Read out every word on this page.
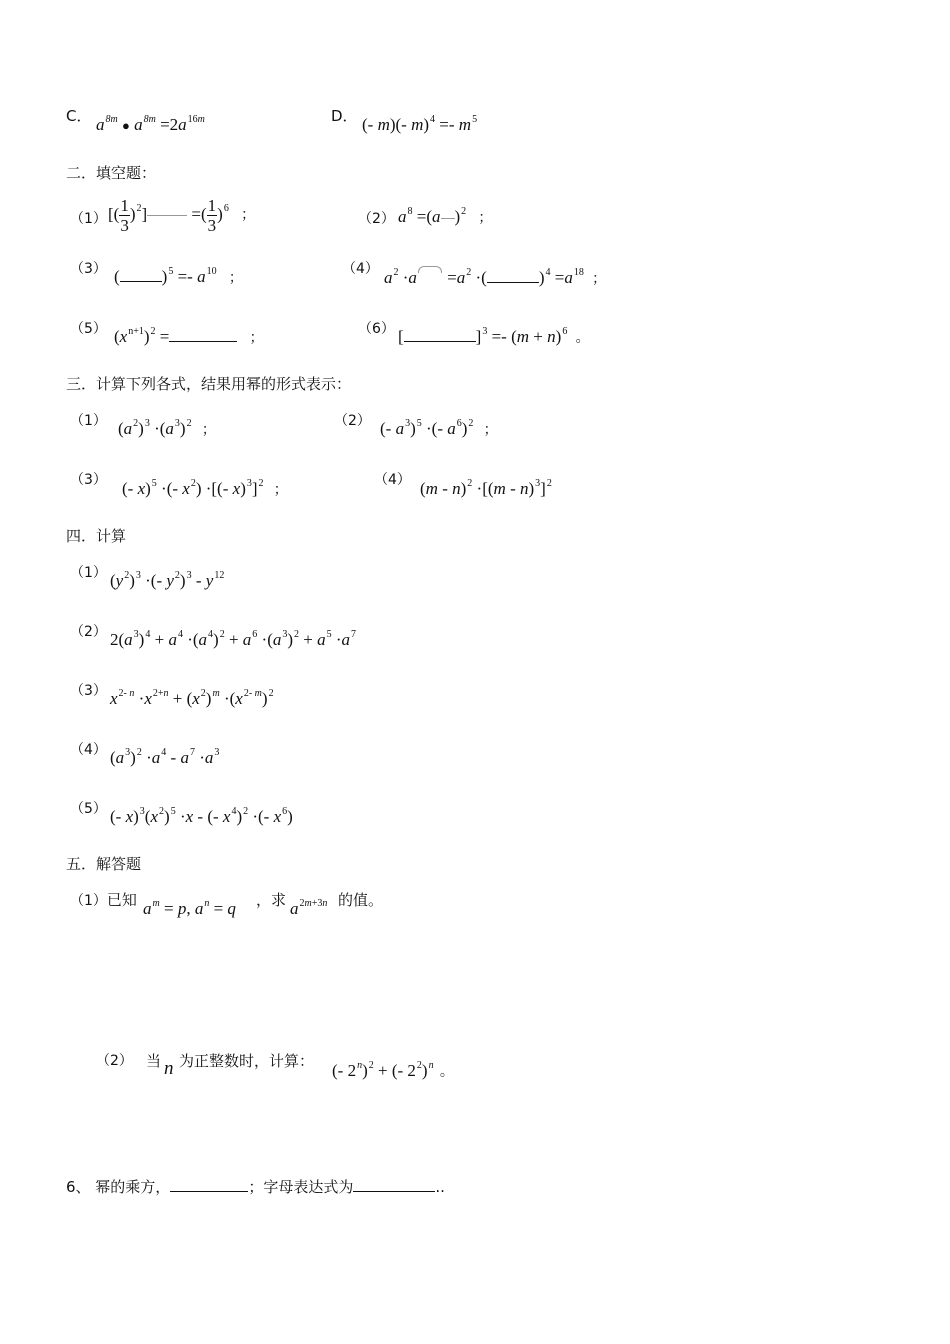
C． $a^{8m}$ ● $a^{8m} =2a^{16m}$	D． (- m)(- $m)^4 =- m^5$
二．填空题：
（1） [( $\frac{1}{3} )^2$] =( $\frac{1}{3} )^6$ ；	（2） $a^8 =(a$ )$^2$ ；
（3） ( )$^5 =- a^{10}$ ；
（4） $a^2 \cdot a =a^2$ ·(	)$^4 =a^{18}$ ；
（5） $(x^{n+1})^2$ =	；
（6） [	]$^3 =- (m + n)^6$ 。
三．计算下列各式，结果用幂的形式表示：
（1） $(a^2)^3 \cdot(a^3)^2$ ；
（2） (- $a^3)^5$ ·(- $a^6)^2$ ；
（3） (- x)$^5$ ·(- $x^2$) ·[(- x)$^3$]$^2$ ；
（4） (m - n)$^2$ ·[(m - n)$^3$]$^2$
四．计算
（1） $(y^2)^3$ ·(- $y^2)^3 - y^{12}$
（2） $2(a^3)^4 + a^4 \cdot(a^4)^2 + a^6 \cdot(a^3)^2 + a^5 \cdot a^7$
（3） $x^{2- n} \cdot x^{2+n} + (x^2)^m \cdot(x^{2- m})^2$
（4） $(a^3)^2 \cdot a^4 - a^7 \cdot a^3$
（5） (- $x)^3(x^2)^5 \cdot x$ - (- $x^4)^2$ ·(- $x^6$)
五．解答题
（1）已知 $a^m = p$, $a^n = q$ ，求 $a^{2m+3n}$ 的值。
（2） 当 n 为正整数时，计算： (- $2^n)^2$ + (- $2^2)^n$ 。
6、 幂的乘方，	；字母表达式为	..
